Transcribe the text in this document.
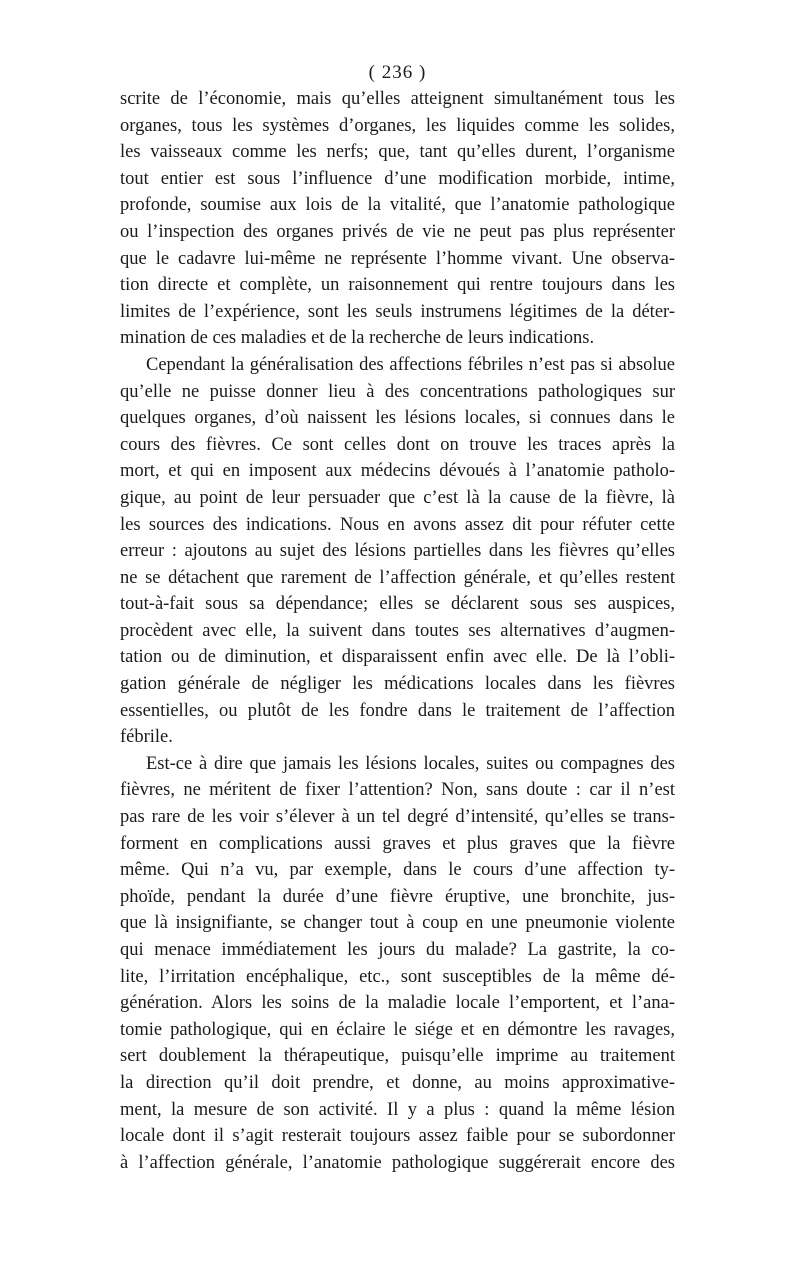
( 236 )
scrite de l’économie, mais qu’elles atteignent simultanément tous les
organes, tous les systèmes d’organes, les liquides comme les solides,
les vaisseaux comme les nerfs; que, tant qu’elles durent, l’organisme
tout entier est sous l’influence d’une modification morbide, intime,
profonde, soumise aux lois de la vitalité, que l’anatomie pathologique
ou l’inspection des organes privés de vie ne peut pas plus représenter
que le cadavre lui-même ne représente l’homme vivant. Une observa-
tion directe et complète, un raisonnement qui rentre toujours dans les
limites de l’expérience, sont les seuls instrumens légitimes de la déter-
mination de ces maladies et de la recherche de leurs indications.
Cependant la généralisation des affections fébriles n’est pas si absolue
qu’elle ne puisse donner lieu à des concentrations pathologiques sur
quelques organes, d’où naissent les lésions locales, si connues dans le
cours des fièvres. Ce sont celles dont on trouve les traces après la
mort, et qui en imposent aux médecins dévoués à l’anatomie patholo-
gique, au point de leur persuader que c’est là la cause de la fièvre, là
les sources des indications. Nous en avons assez dit pour réfuter cette
erreur : ajoutons au sujet des lésions partielles dans les fièvres qu’elles
ne se détachent que rarement de l’affection générale, et qu’elles restent
tout-à-fait sous sa dépendance; elles se déclarent sous ses auspices,
procèdent avec elle, la suivent dans toutes ses alternatives d’augmen-
tation ou de diminution, et disparaissent enfin avec elle. De là l’obli-
gation générale de négliger les médications locales dans les fièvres
essentielles, ou plutôt de les fondre dans le traitement de l’affection
fébrile.
Est-ce à dire que jamais les lésions locales, suites ou compagnes des
fièvres, ne méritent de fixer l’attention? Non, sans doute : car il n’est
pas rare de les voir s’élever à un tel degré d’intensité, qu’elles se trans-
forment en complications aussi graves et plus graves que la fièvre
même. Qui n’a vu, par exemple, dans le cours d’une affection ty-
phoïde, pendant la durée d’une fièvre éruptive, une bronchite, jus-
que là insignifiante, se changer tout à coup en une pneumonie violente
qui menace immédiatement les jours du malade? La gastrite, la co-
lite, l’irritation encéphalique, etc., sont susceptibles de la même dé-
génération. Alors les soins de la maladie locale l’emportent, et l’ana-
tomie pathologique, qui en éclaire le siége et en démontre les ravages,
sert doublement la thérapeutique, puisqu’elle imprime au traitement
la direction qu’il doit prendre, et donne, au moins approximative-
ment, la mesure de son activité. Il y a plus : quand la même lésion
locale dont il s’agit resterait toujours assez faible pour se subordonner
à l’affection générale, l’anatomie pathologique suggérerait encore des
